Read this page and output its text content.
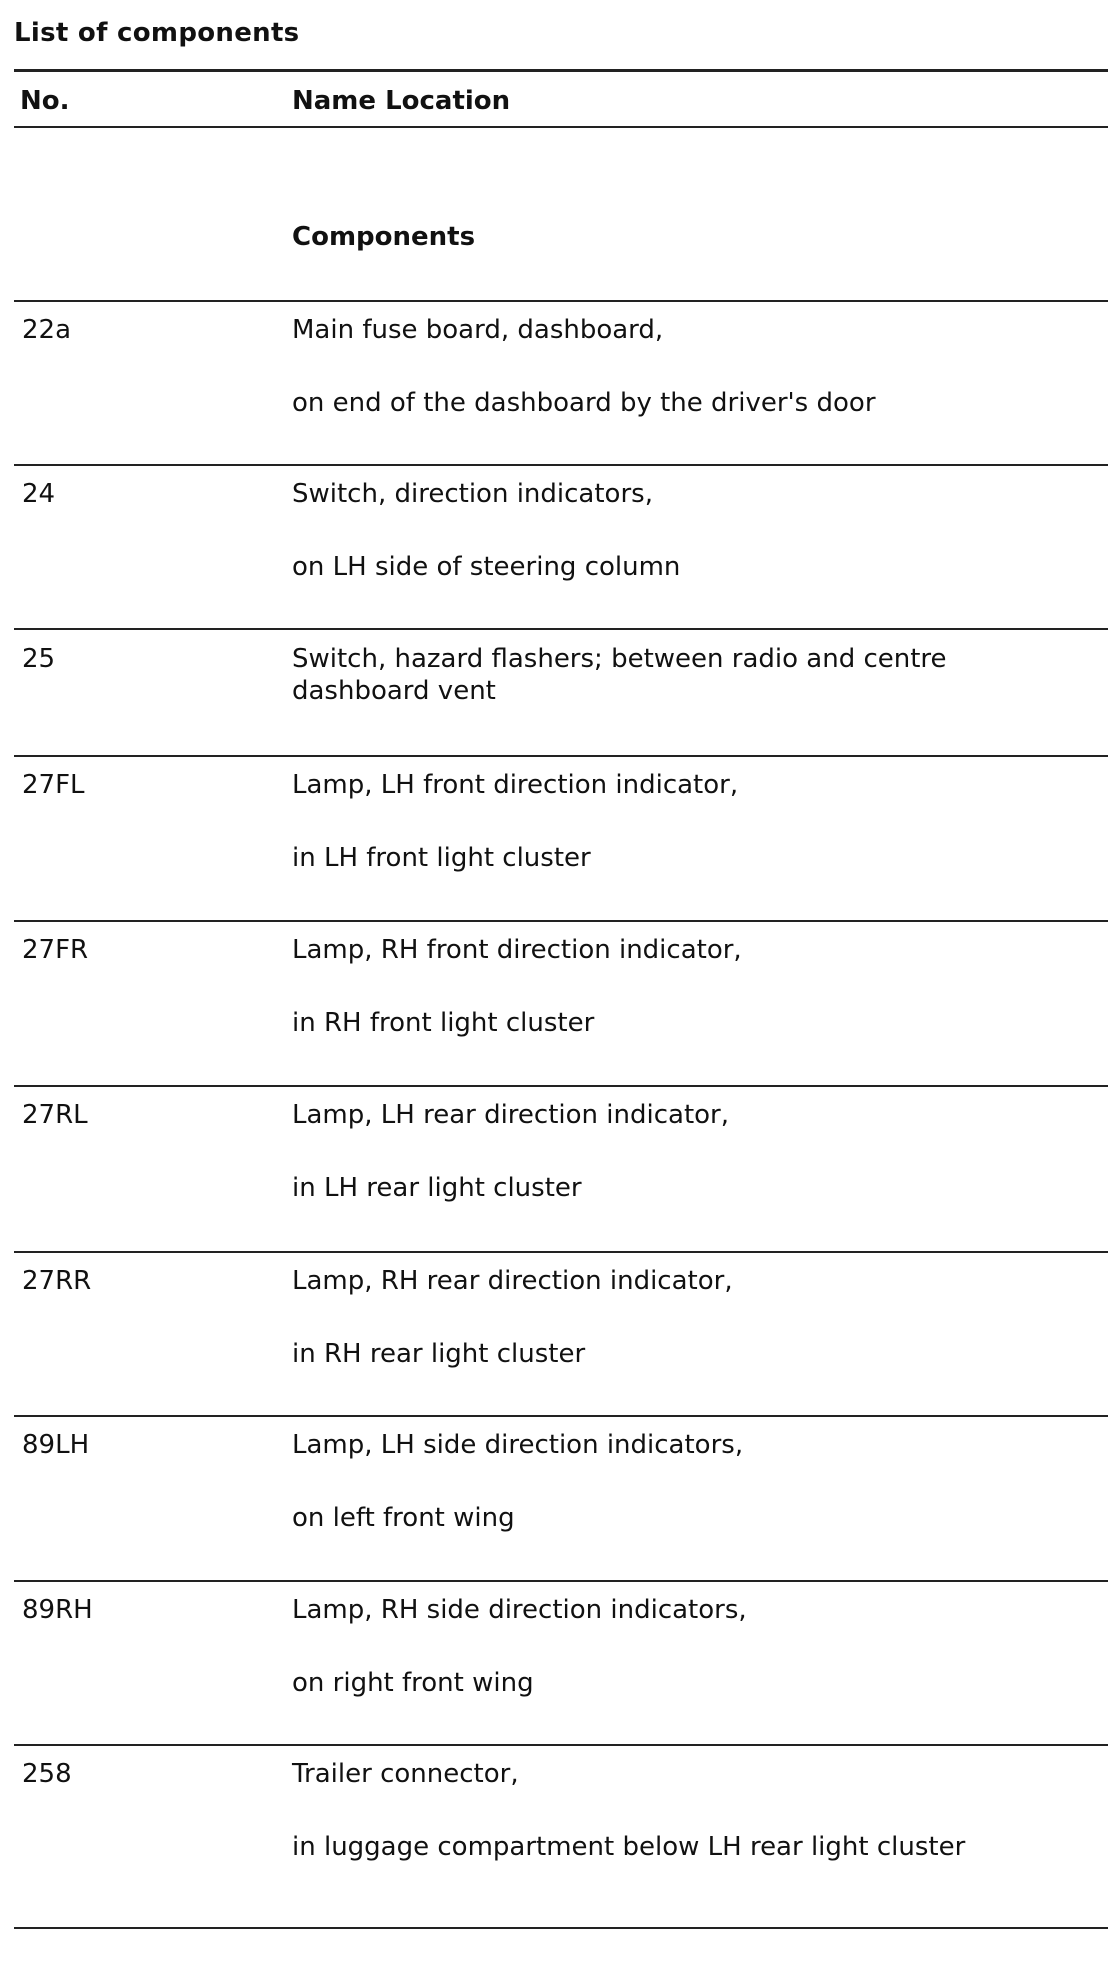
List of components
No.	Name Location
Components
22a	Main fuse board, dashboard,
on end of the dashboard by the driver's door
24	Switch, direction indicators,
on LH side of steering column
25	Switch, hazard flashers; between radio and centre dashboard vent
27FL	Lamp, LH front direction indicator,
in LH front light cluster
27FR	Lamp, RH front direction indicator,
in RH front light cluster
27RL	Lamp, LH rear direction indicator,
in LH rear light cluster
27RR	Lamp, RH rear direction indicator,
in RH rear light cluster
89LH	Lamp, LH side direction indicators,
on left front wing
89RH	Lamp, RH side direction indicators,
on right front wing
258	Trailer connector,
in luggage compartment below LH rear light cluster
